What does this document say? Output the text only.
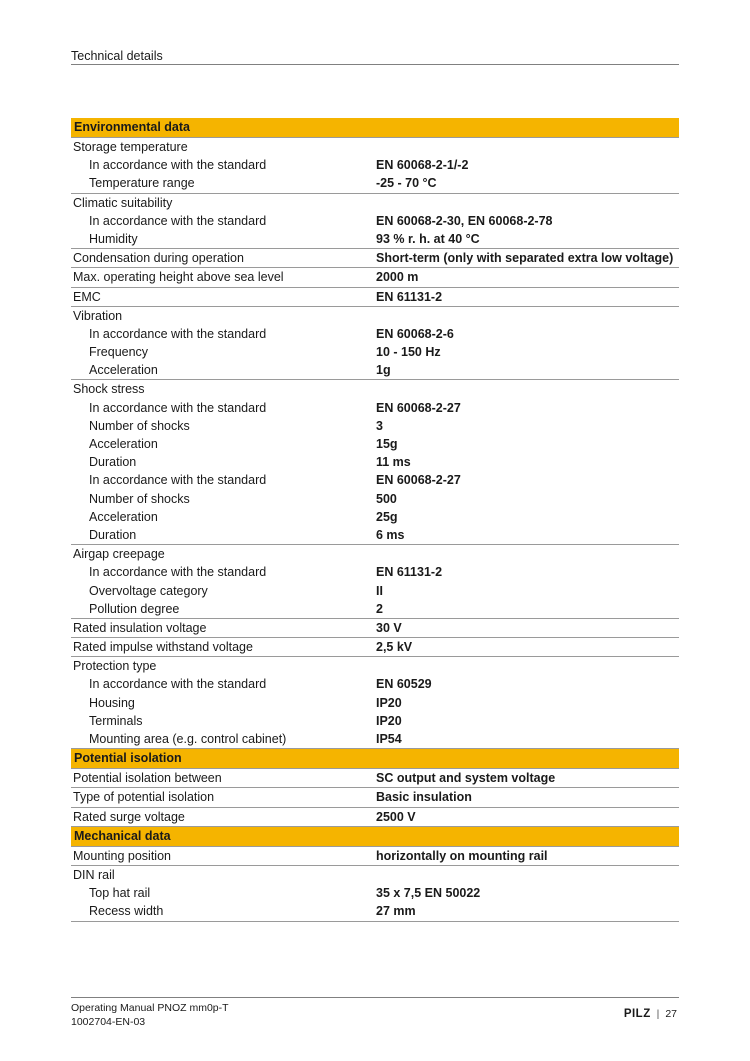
Technical details
Environmental data
Storage temperature
In accordance with the standard	EN 60068-2-1/-2
Temperature range	-25 - 70 °C
Climatic suitability
In accordance with the standard	EN 60068-2-30, EN 60068-2-78
Humidity	93 % r. h. at 40 °C
Condensation during operation	Short-term (only with separated extra low voltage)
Max. operating height above sea level	2000 m
EMC	EN 61131-2
Vibration
In accordance with the standard	EN 60068-2-6
Frequency	10 - 150 Hz
Acceleration	1g
Shock stress
In accordance with the standard	EN 60068-2-27
Number of shocks	3
Acceleration	15g
Duration	11 ms
In accordance with the standard	EN 60068-2-27
Number of shocks	500
Acceleration	25g
Duration	6 ms
Airgap creepage
In accordance with the standard	EN 61131-2
Overvoltage category	II
Pollution degree	2
Rated insulation voltage	30 V
Rated impulse withstand voltage	2,5 kV
Protection type
In accordance with the standard	EN 60529
Housing	IP20
Terminals	IP20
Mounting area (e.g. control cabinet)	IP54
Potential isolation
Potential isolation between	SC output and system voltage
Type of potential isolation	Basic insulation
Rated surge voltage	2500 V
Mechanical data
Mounting position	horizontally on mounting rail
DIN rail
Top hat rail	35 x 7,5 EN 50022
Recess width	27 mm
Operating Manual PNOZ mm0p-T
1002704-EN-03
PILZ | 27
